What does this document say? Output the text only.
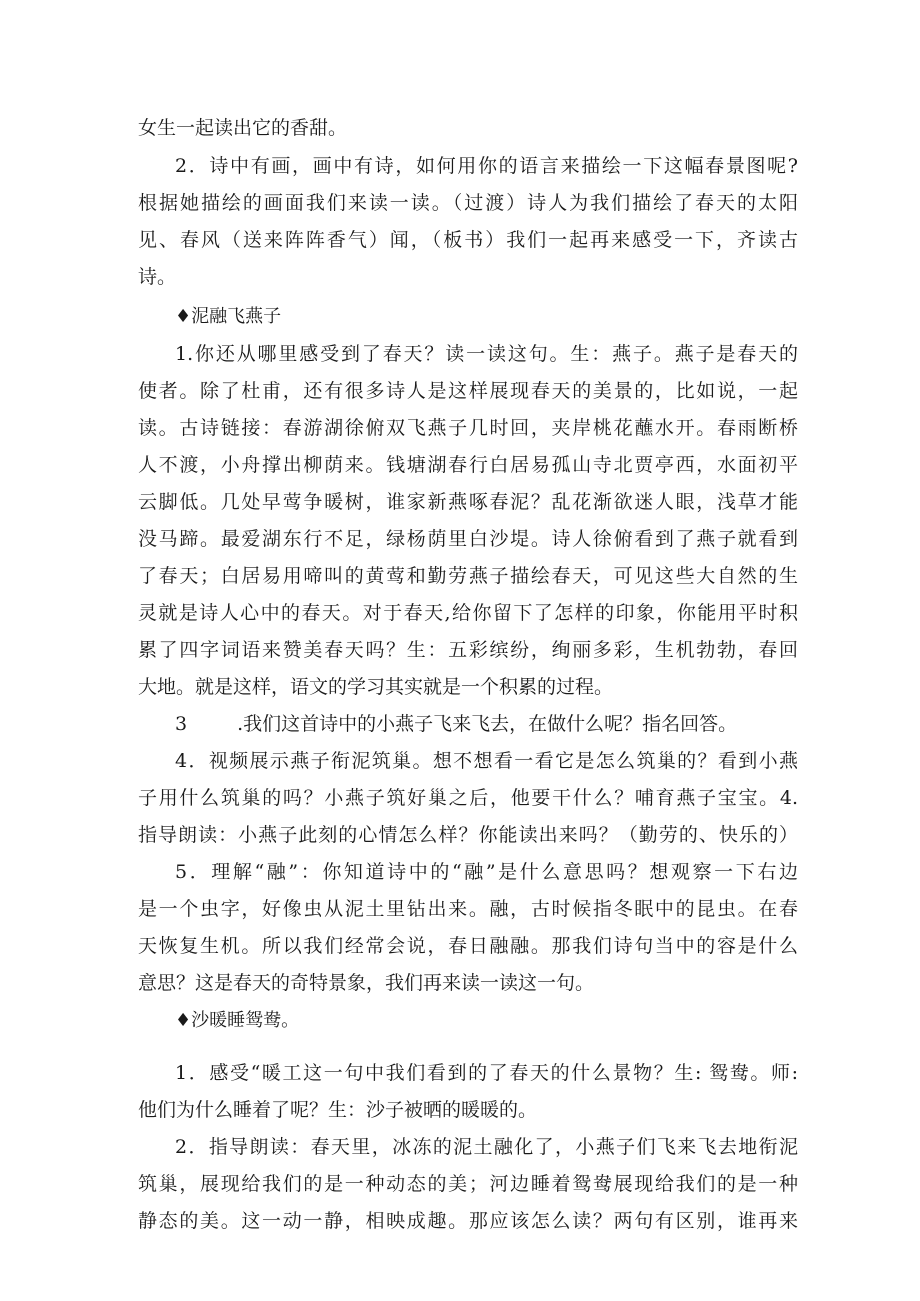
女生一起读出它的香甜。
2．诗中有画，画中有诗，如何用你的语言来描绘一下这幅春景图呢?
根据她描绘的画面我们来读一读。（过渡）诗人为我们描绘了春天的太阳
见、春风（送来阵阵香气）闻，（板书）我们一起再来感受一下，齐读古
诗。
♦泥融飞燕子
1.你还从哪里感受到了春天？读一读这句。生：燕子。燕子是春天的
使者。除了杜甫，还有很多诗人是这样展现春天的美景的，比如说，一起
读。古诗链接：春游湖徐俯双飞燕子几时回，夹岸桃花蘸水开。春雨断桥
人不渡，小舟撑出柳荫来。钱塘湖春行白居易孤山寺北贾亭西，水面初平
云脚低。几处早莺争暖树，谁家新燕啄春泥？乱花渐欲迷人眼，浅草才能
没马蹄。最爱湖东行不足，绿杨荫里白沙堤。诗人徐俯看到了燕子就看到
了春天；白居易用啼叫的黄莺和勤劳燕子描绘春天，可见这些大自然的生
灵就是诗人心中的春天。对于春天,给你留下了怎样的印象，你能用平时积
累了四字词语来赞美春天吗？生：五彩缤纷，绚丽多彩，生机勃勃，春回
大地。就是这样，语文的学习其实就是一个积累的过程。
3	.我们这首诗中的小燕子飞来飞去，在做什么呢？指名回答。
4．视频展示燕子衔泥筑巢。想不想看一看它是怎么筑巢的？看到小燕
子用什么筑巢的吗？小燕子筑好巢之后，他要干什么？哺育燕子宝宝。4.
指导朗读：小燕子此刻的心情怎么样？你能读出来吗？（勤劳的、快乐的）
5．理解“融”：你知道诗中的“融”是什么意思吗？想观察一下右边
是一个虫字，好像虫从泥土里钻出来。融，古时候指冬眠中的昆虫。在春
天恢复生机。所以我们经常会说，春日融融。那我们诗句当中的容是什么
意思？这是春天的奇特景象，我们再来读一读这一句。
♦沙暖睡鸳鸯。
1．感受“暖工这一句中我们看到的了春天的什么景物？生: 鸳鸯。师:
他们为什么睡着了呢？生：沙子被晒的暖暖的。
2．指导朗读：春天里，冰冻的泥土融化了，小燕子们飞来飞去地衔泥
筑巢，展现给我们的是一种动态的美；河边睡着鸳鸯展现给我们的是一种
静态的美。这一动一静，相映成趣。那应该怎么读？两句有区别，谁再来
